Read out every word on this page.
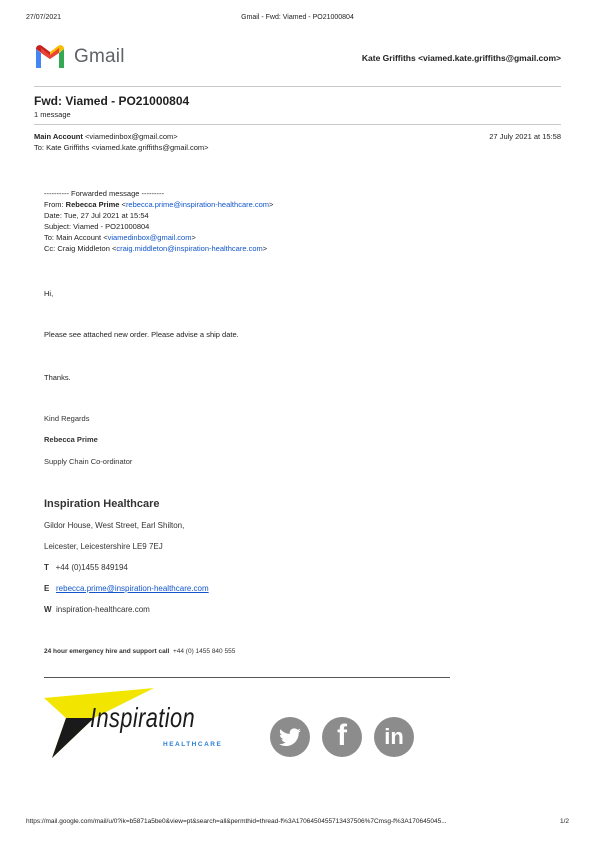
27/07/2021	Gmail - Fwd: Viamed - PO21000804
Gmail	Kate Griffiths <viamed.kate.griffiths@gmail.com>
Fwd: Viamed - PO21000804
1 message
Main Account <viamedinbox@gmail.com>	27 July 2021 at 15:58
To: Kate Griffiths <viamed.kate.griffiths@gmail.com>
---------- Forwarded message ---------
From: Rebecca Prime <rebecca.prime@inspiration-healthcare.com>
Date: Tue, 27 Jul 2021 at 15:54
Subject: Viamed - PO21000804
To: Main Account <viamedinbox@gmail.com>
Cc: Craig Middleton <craig.middleton@inspiration-healthcare.com>
Hi,
Please see attached new order. Please advise a ship date.
Thanks.
Kind Regards
Rebecca Prime
Supply Chain Co-ordinator
Inspiration Healthcare
Gildor House, West Street, Earl Shilton,
Leicester, Leicestershire LE9 7EJ
T +44 (0)1455 849194
E rebecca.prime@inspiration-healthcare.com
W inspiration-healthcare.com
24 hour emergency hire and support call +44 (0) 1455 840 555
Inspiration
HEALTHCARE	f	in
https://mail.google.com/mail/u/0?ik=b5871a5be0&view=pt&search=all&permthid=thread-f%3A1706450455713437506%7Cmsg-f%3A170645045...	1/2
